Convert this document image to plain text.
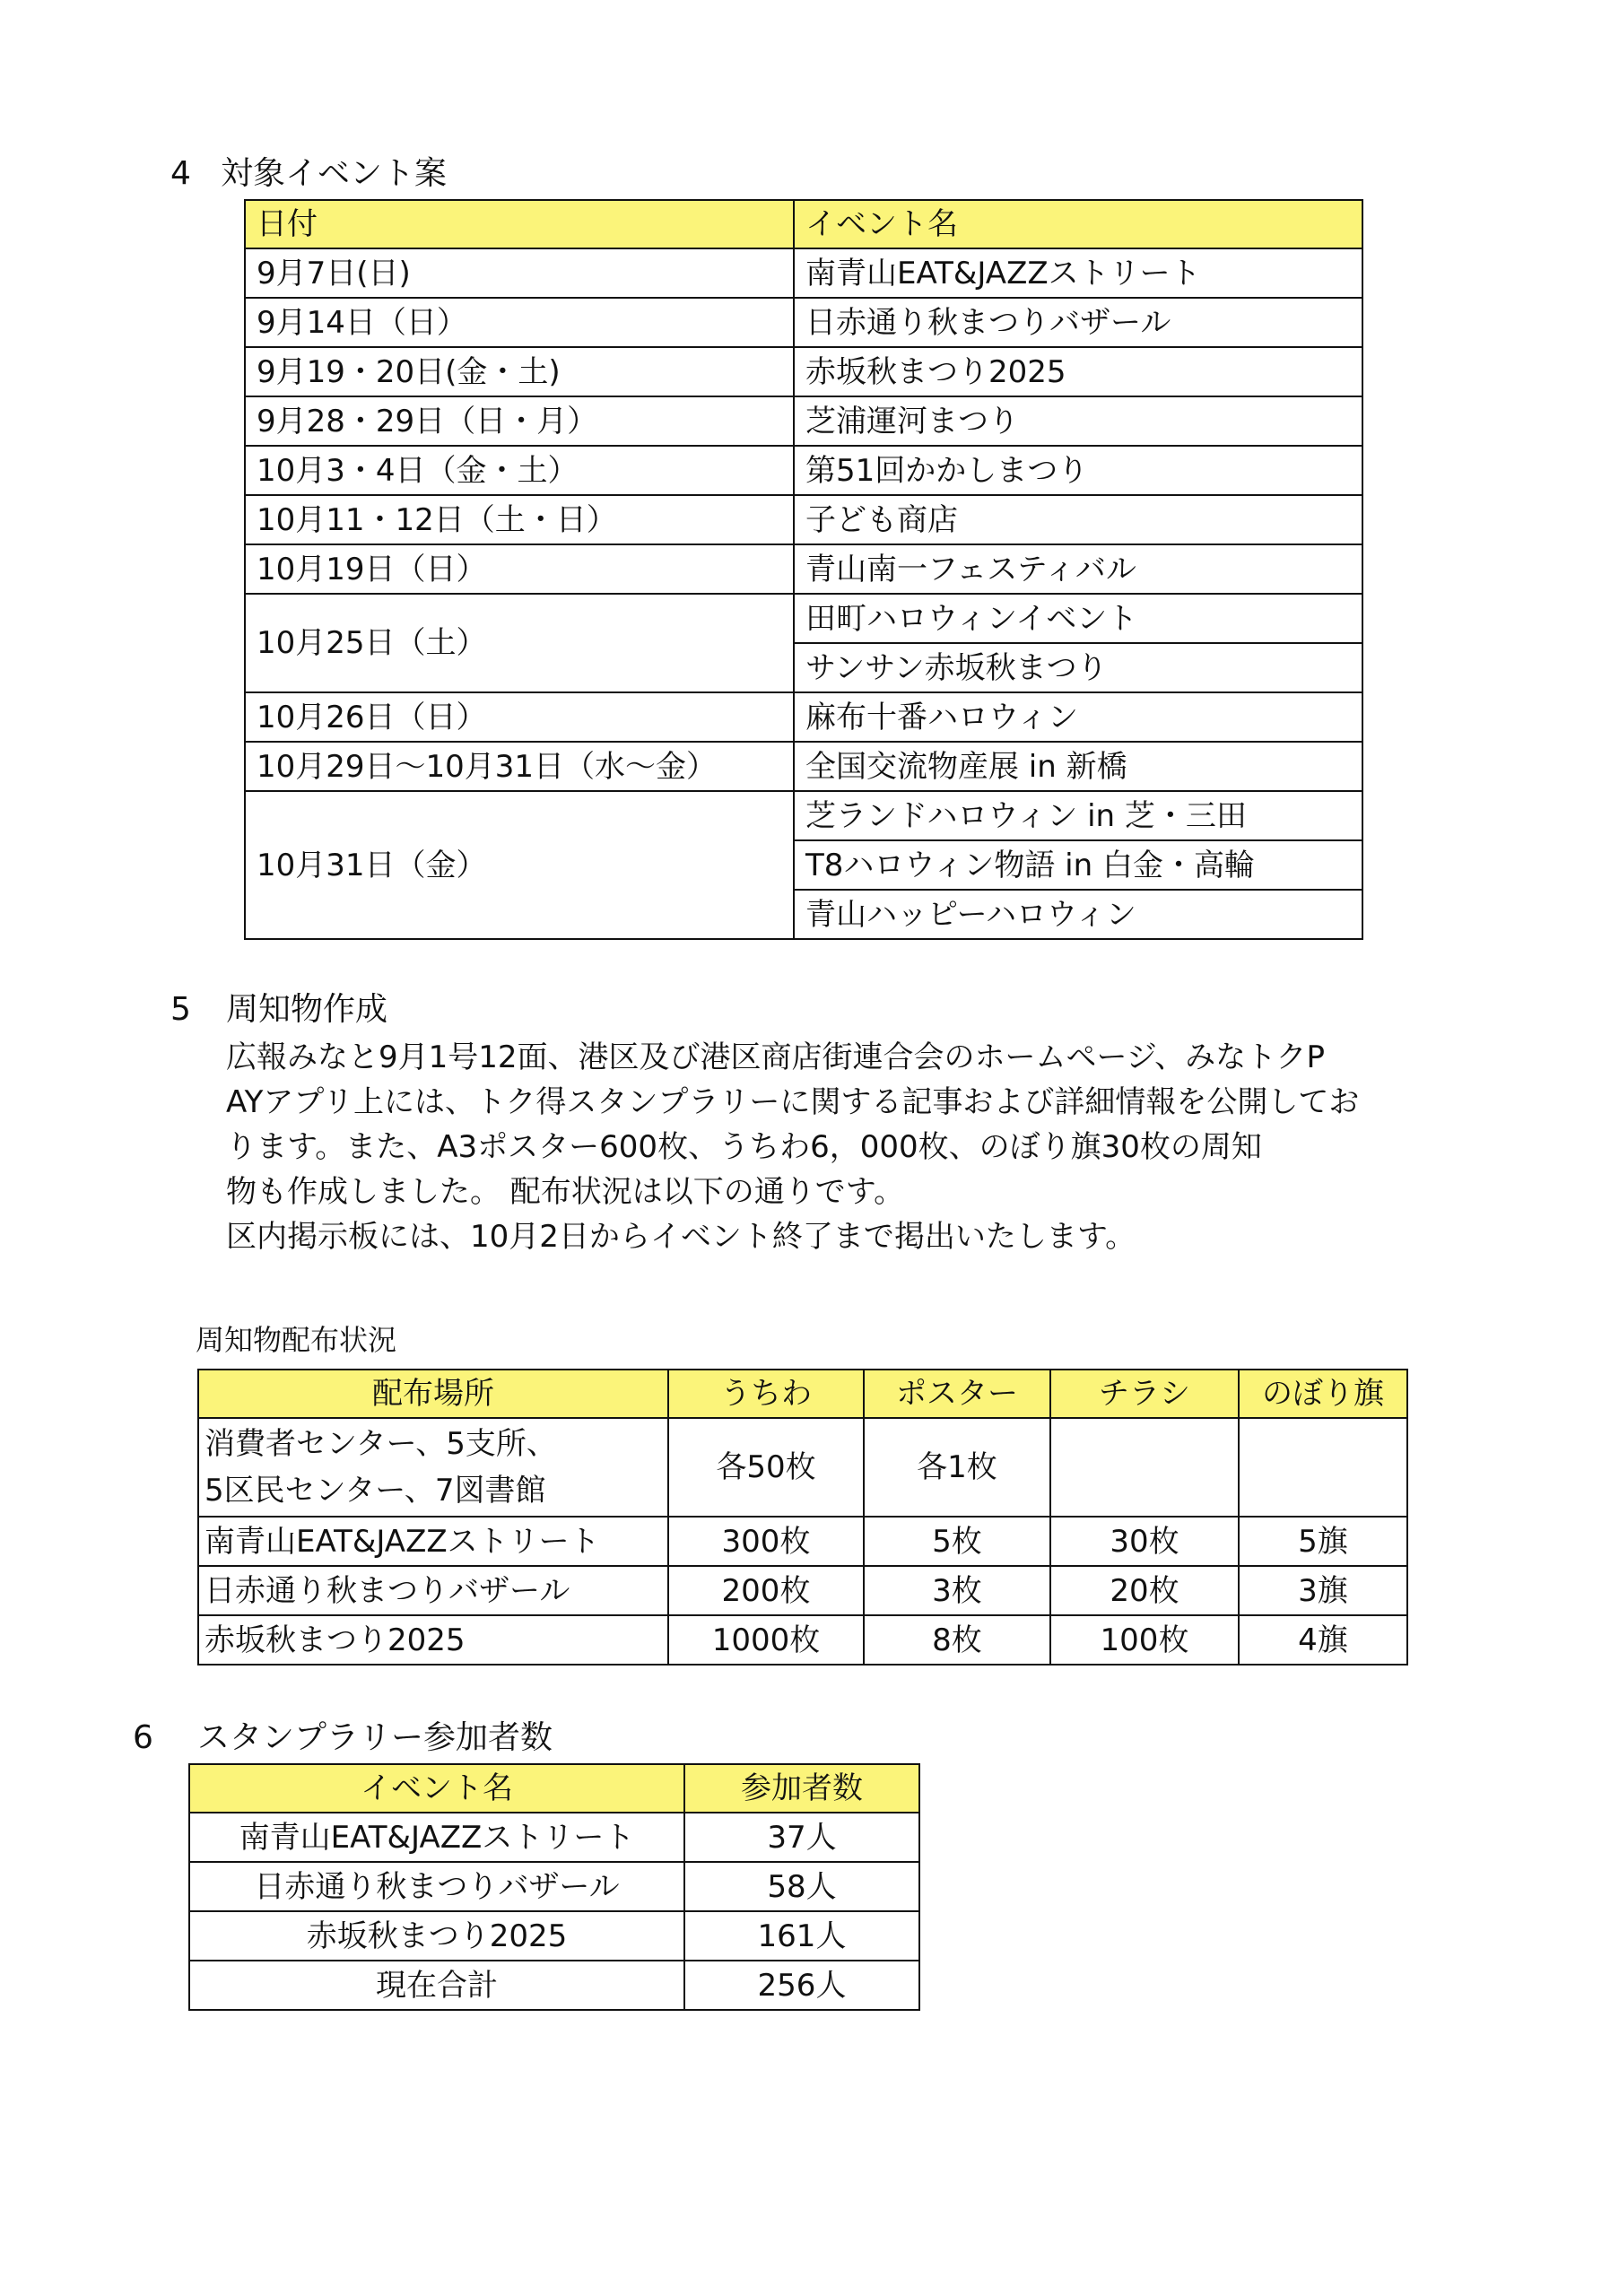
4 対象イベント案
日付	イベント名
9月7日(日)	南青山EAT&JAZZストリート
9月14日（日）	日赤通り秋まつりバザール
9月19・20日(金・土)	赤坂秋まつり2025
9月28・29日（日・月）	芝浦運河まつり
10月3・4日（金・土）	第51回かかしまつり
10月11・12日（土・日）	子ども商店
10月19日（日）	青山南一フェスティバル
10月25日（土）	田町ハロウィンイベント
	サンサン赤坂秋まつり
10月26日（日）	麻布十番ハロウィン
10月29日～10月31日（水～金）	全国交流物産展 in 新橋
10月31日（金）	芝ランドハロウィン in 芝・三田
	T8ハロウィン物語 in 白金・高輪
	青山ハッピーハロウィン
5 周知物作成

広報みなと9月1号12面、港区及び港区商店街連合会のホームページ、みなトクP

AYアプリ上には、トク得スタンプラリーに関する記事および詳細情報を公開してお

ります。また、A3ポスター600枚、うちわ6，000枚、のぼり旗30枚の周知

物も作成しました。 配布状況は以下の通りです。

区内掲示板には、10月2日からイベント終了まで掲出いたします。

周知物配布状況
配布場所	うちわ	ポスター	チラシ	のぼり旗

消費者センター、5支所、
5区民センター、7図書館	各50枚	各1枚		
南青山EAT&JAZZストリート	300枚	5枚	30枚	5旗
日赤通り秋まつりバザール	200枚	3枚	20枚	3旗
赤坂秋まつり2025	1000枚	8枚	100枚	4旗
6 スタンプラリー参加者数
イベント名	参加者数
南青山EAT&JAZZストリート	37人
日赤通り秋まつりバザール	58人
赤坂秋まつり2025	161人
現在合計	256人
